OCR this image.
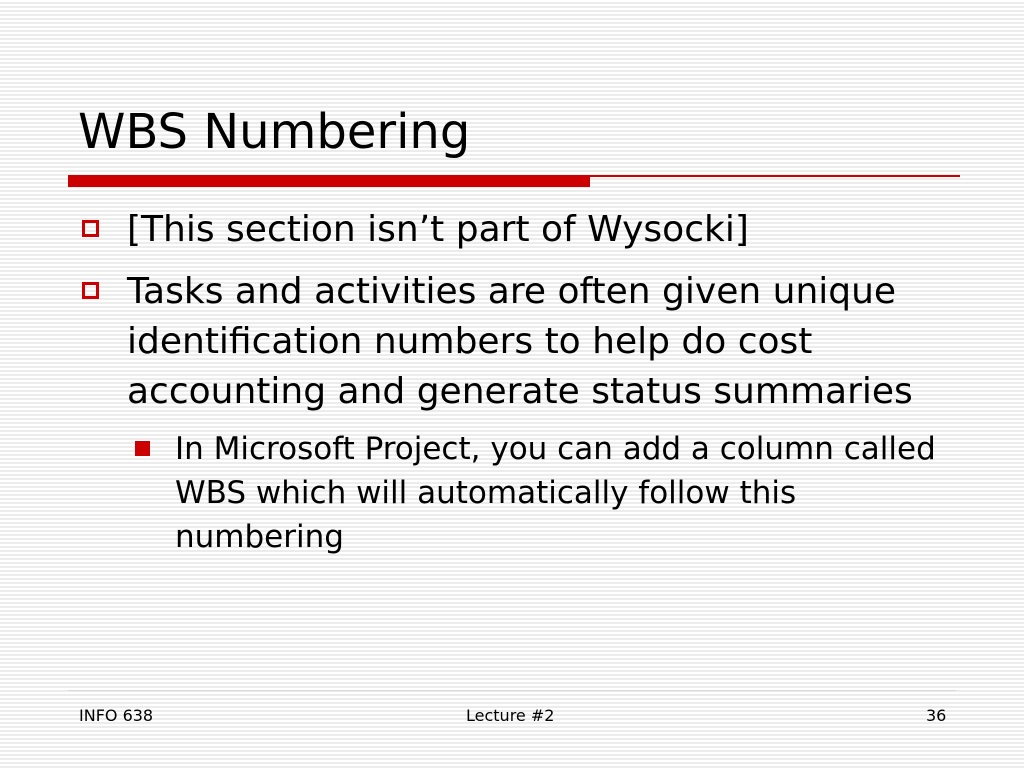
WBS Numbering
[This section isn’t part of Wysocki]
Tasks and activities are often given unique identification numbers to help do cost accounting and generate status summaries
In Microsoft Project, you can add a column called WBS which will automatically follow this numbering
INFO 638	Lecture #2	36
